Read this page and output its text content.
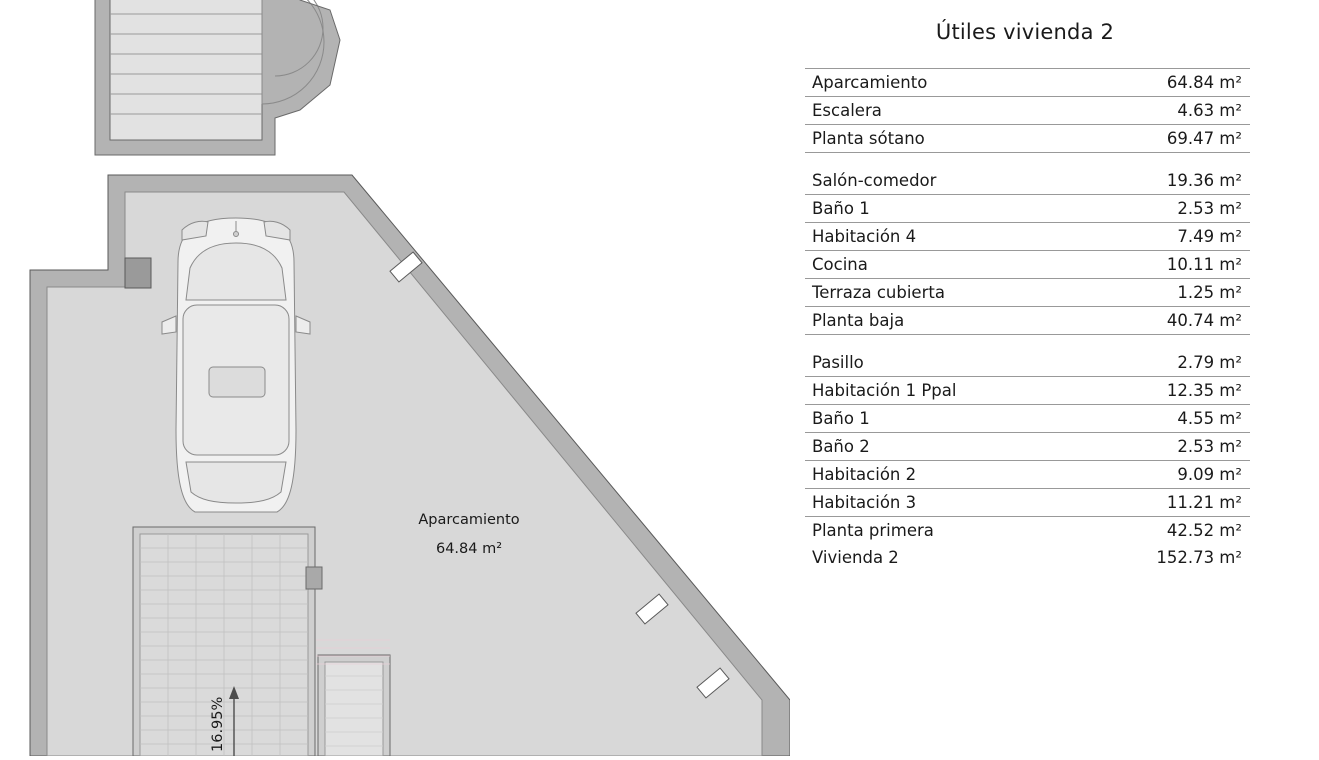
16.95%
Aparcamiento
64.84 m²
Útiles vivienda 2
Aparcamiento	64.84 m²
Escalera	4.63 m²
Planta sótano	69.47 m²

Salón-comedor	19.36 m²
Baño 1	2.53 m²
Habitación 4	7.49 m²
Cocina	10.11 m²
Terraza cubierta	1.25 m²
Planta baja	40.74 m²

Pasillo	2.79 m²
Habitación 1 Ppal	12.35 m²
Baño 1	4.55 m²
Baño 2	2.53 m²
Habitación 2	9.09 m²
Habitación 3	11.21 m²
Planta primera	42.52 m²
Vivienda 2	152.73 m²
